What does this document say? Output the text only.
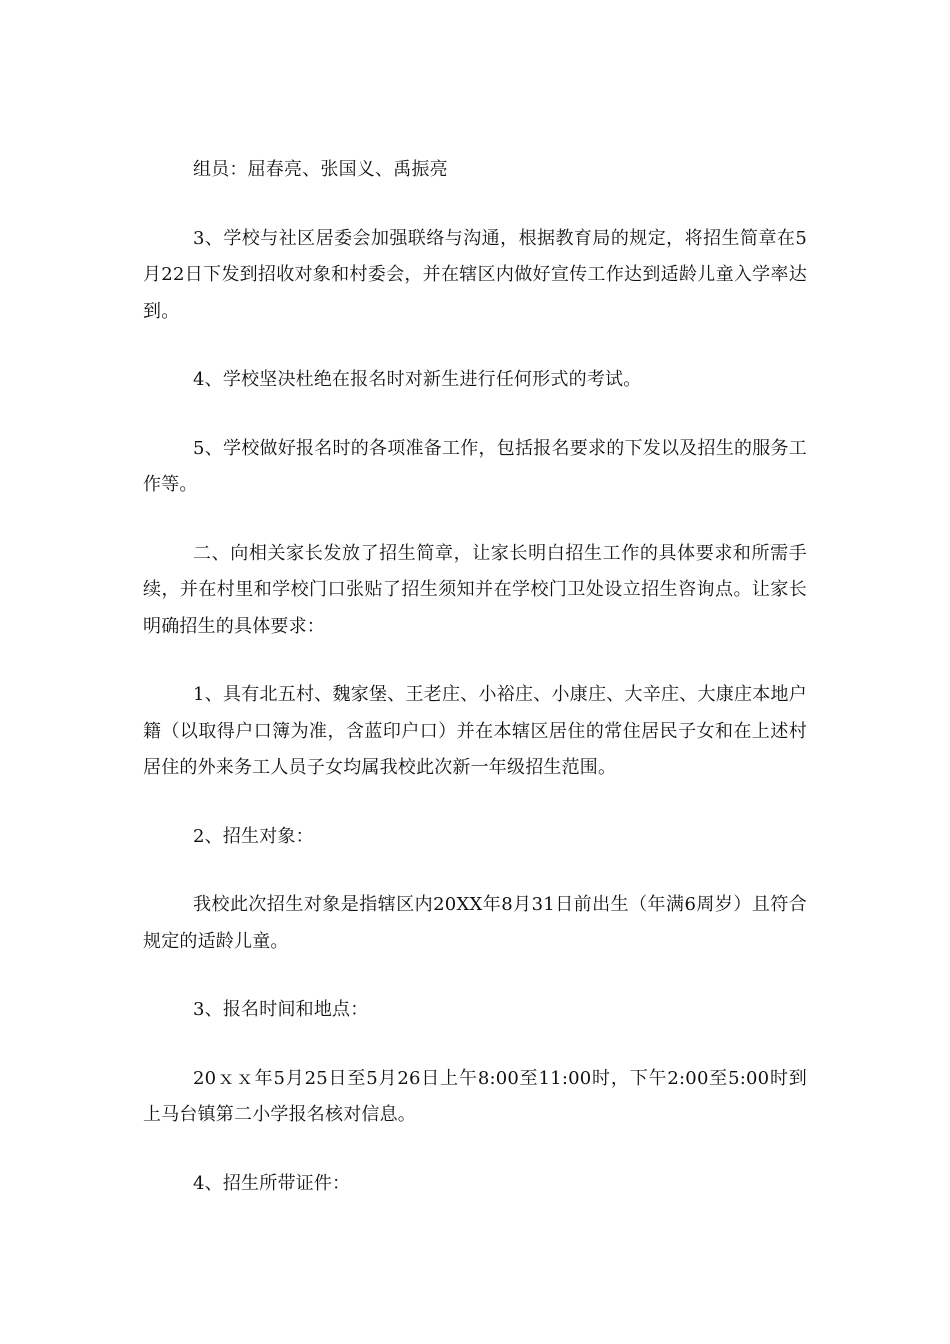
组员：屈春亮、张国义、禹振亮

3、学校与社区居委会加强联络与沟通，根据教育局的规定，将招生简章在5月22日下发到招收对象和村委会，并在辖区内做好宣传工作达到适龄儿童入学率达到。

4、学校坚决杜绝在报名时对新生进行任何形式的考试。

5、学校做好报名时的各项准备工作，包括报名要求的下发以及招生的服务工作等。

二、向相关家长发放了招生简章，让家长明白招生工作的具体要求和所需手续，并在村里和学校门口张贴了招生须知并在学校门卫处设立招生咨询点。让家长明确招生的具体要求：

1、具有北五村、魏家堡、王老庄、小裕庄、小康庄、大辛庄、大康庄本地户籍（以取得户口簿为准，含蓝印户口）并在本辖区居住的常住居民子女和在上述村居住的外来务工人员子女均属我校此次新一年级招生范围。

2、招生对象：

我校此次招生对象是指辖区内20XX年8月31日前出生（年满6周岁）且符合规定的适龄儿童。

3、报名时间和地点：

20ｘｘ年5月25日至5月26日上午8:00至11:00时，下午2:00至5:00时到上马台镇第二小学报名核对信息。

4、招生所带证件：
